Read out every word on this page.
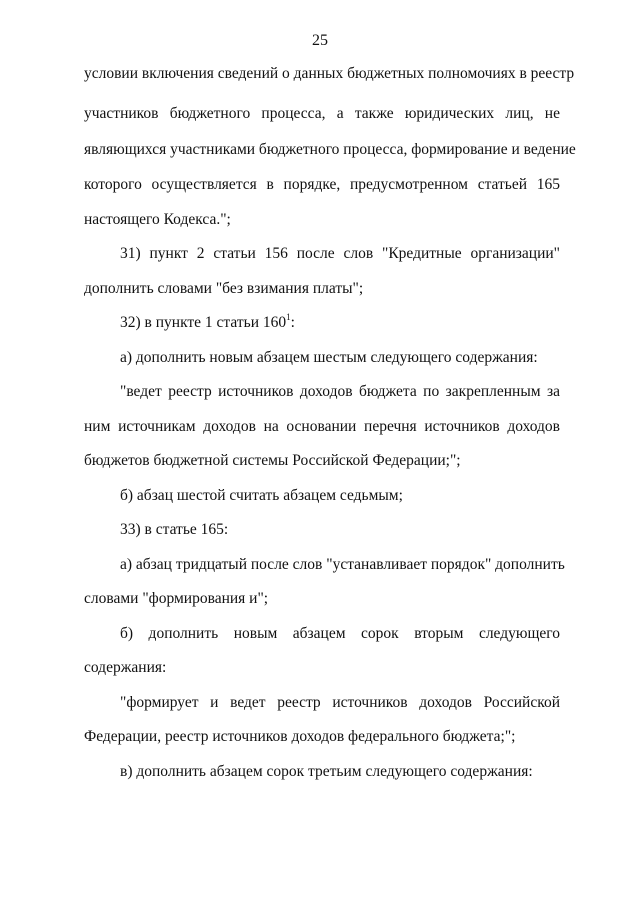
25
условии включения сведений о данных бюджетных полномочиях в реестр
участников бюджетного процесса, а также юридических лиц, не
являющихся участниками бюджетного процесса, формирование и ведение
которого осуществляется в порядке, предусмотренном статьей 165
настоящего Кодекса.";
31) пункт 2 статьи 156 после слов "Кредитные организации"
дополнить словами "без взимания платы";
32) в пункте 1 статьи $160^1$:
а) дополнить новым абзацем шестым следующего содержания:
"ведет реестр источников доходов бюджета по закрепленным за
ним источникам доходов на основании перечня источников доходов
бюджетов бюджетной системы Российской Федерации;";
б) абзац шестой считать абзацем седьмым;
33) в статье 165:
а) абзац тридцатый после слов "устанавливает порядок" дополнить
словами "формирования и";
б) дополнить новым абзацем сорок вторым следующего
содержания:
"формирует и ведет реестр источников доходов Российской
Федерации, реестр источников доходов федерального бюджета;";
в) дополнить абзацем сорок третьим следующего содержания:
